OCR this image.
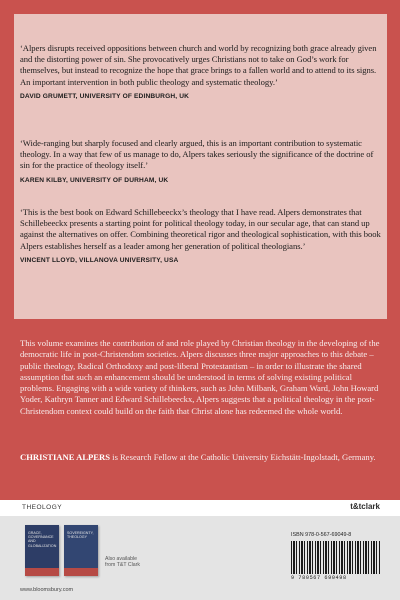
‘Alpers disrupts received oppositions between church and world by recognizing both grace already given and the distorting power of sin. She provocatively urges Christians not to take on God’s work for themselves, but instead to recognize the hope that grace brings to a fallen world and to attend to its signs. An important intervention in both public theology and systematic theology.’

DAVID GRUMETT, UNIVERSITY OF EDINBURGH, UK

‘Wide-ranging but sharply focused and clearly argued, this is an important contribution to systematic theology. In a way that few of us manage to do, Alpers takes seriously the significance of the doctrine of sin for the practice of theology itself.’

KAREN KILBY, UNIVERSITY OF DURHAM, UK

‘This is the best book on Edward Schillebeeckx’s theology that I have read. Alpers demonstrates that Schillebeeckx presents a starting point for political theology today, in our secular age, that can stand up against the alternatives on offer. Combining theoretical rigor and theological sophistication, with this book Alpers establishes herself as a leader among her generation of political theologians.’

VINCENT LLOYD, VILLANOVA UNIVERSITY, USA
This volume examines the contribution of and role played by Christian theology in the developing of the democratic life in post-Christendom societies. Alpers discusses three major approaches to this debate – public theology, Radical Orthodoxy and post-liberal Protestantism – in order to illustrate the shared assumption that such an enhancement should be understood in terms of solving existing political problems. Engaging with a wide variety of thinkers, such as John Milbank, Graham Ward, John Howard Yoder, Kathryn Tanner and Edward Schillebeeckx, Alpers suggests that a political theology in the post-Christendom context could build on the faith that Christ alone has redeemed the whole world.
CHRISTIANE ALPERS is Research Fellow at the Catholic University Eichstätt-Ingolstadt, Germany.
THEOLOGY	t&tclark
GRACE, GOVERNANCE AND GLOBALIZATION
SOVEREIGNTY, THEOLOGY
Also available
from T&T Clark
www.bloomsbury.com
ISBN 978-0-567-69049-8
9 780567 690498
